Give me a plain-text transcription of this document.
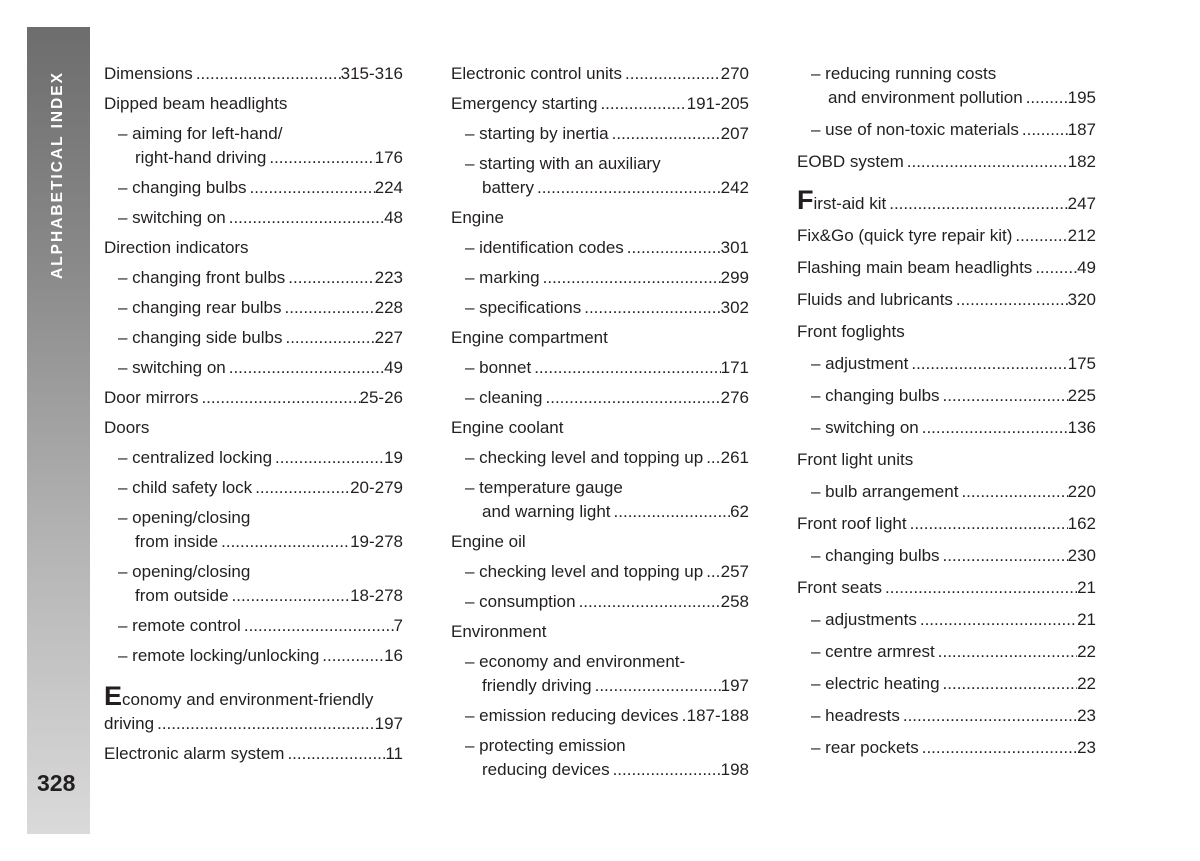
ALPHABETICAL INDEX
328
Dimensions .....	315-316
Dipped beam headlights
– aiming for left-hand/
right-hand driving .....	176
– changing bulbs .....	224
– switching on .....	48
Direction indicators
– changing front bulbs .....	223
– changing rear bulbs .....	228
– changing side bulbs .....	227
– switching on .....	49
Door mirrors .....	25-26
Doors
– centralized locking .....	19
– child safety lock .....	20-279
– opening/closing
from inside .....	19-278
– opening/closing
from outside .....	18-278
– remote control .....	7
– remote locking/unlocking .....	16
Economy and environment-friendly
driving .....	197
Electronic alarm system .....	11
Electronic control units .....	270
Emergency starting .....	191-205
– starting by inertia .....	207
– starting with an auxiliary
battery .....	242
Engine
– identification codes .....	301
– marking .....	299
– specifications .....	302
Engine compartment
– bonnet .....	171
– cleaning .....	276
Engine coolant
– checking level and topping up ..... 261
– temperature gauge
and warning light .....	62
Engine oil
– checking level and topping up ..... 257
– consumption .....	258
Environment
– economy and environment-
friendly driving .....	197
– emission reducing devices ..... 187-188
– protecting emission
reducing devices .....	198
– reducing running costs
and environment pollution .....	195
– use of non-toxic materials .....	187
EOBD system .....	182
First-aid kit .....	247
Fix&Go (quick tyre repair kit) .....	212
Flashing main beam headlights .....	49
Fluids and lubricants .....	320
Front foglights
– adjustment .....	175
– changing bulbs .....	225
– switching on .....	136
Front light units
– bulb arrangement .....	220
Front roof light .....	162
– changing bulbs .....	230
Front seats .....	21
– adjustments .....	21
– centre armrest .....	22
– electric heating .....	22
– headrests .....	23
– rear pockets .....	23
